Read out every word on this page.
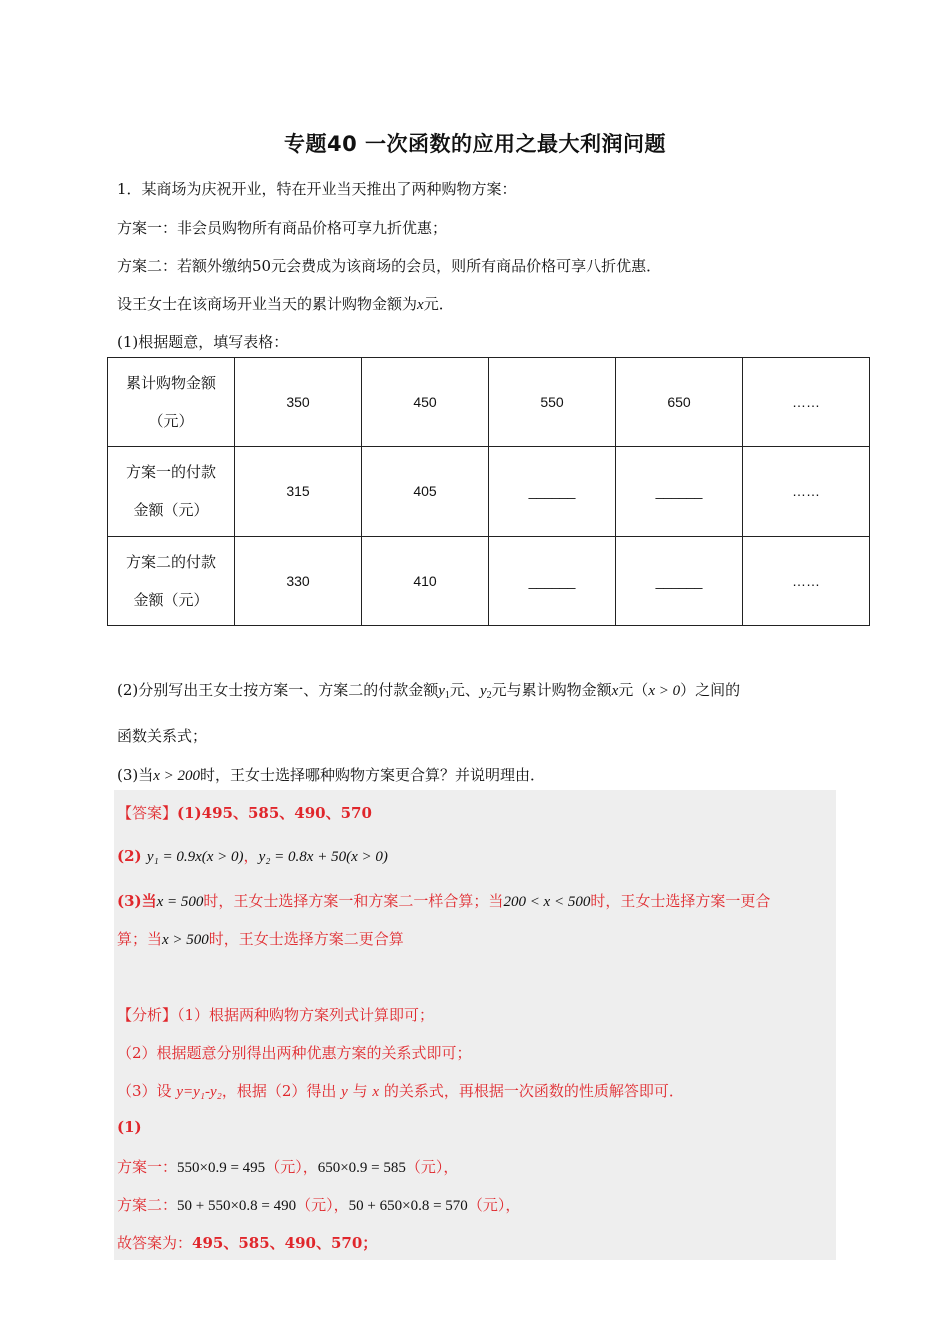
专题40 一次函数的应用之最大利润问题
1．某商场为庆祝开业，特在开业当天推出了两种购物方案：
方案一：非会员购物所有商品价格可享九折优惠；
方案二：若额外缴纳50元会费成为该商场的会员，则所有商品价格可享八折优惠．
设王女士在该商场开业当天的累计购物金额为x元．
(1)根据题意，填写表格：
累计购物金额
（元）	350	450	550	650	……

方案一的付款
金额（元）	315	405	______	______	……

方案二的付款
金额（元）	330	410	______	______	……
(2)分别写出王女士按方案一、方案二的付款金额$y_1$元、$y_2$元与累计购物金额x元（x > 0）之间的
函数关系式；
(3)当x > 200时，王女士选择哪种购物方案更合算？并说明理由．
【答案】(1)495、585、490、570
(2) y₁ = 0.9x(x > 0)，y₂ = 0.8x + 50(x > 0)
(3)当x = 500时，王女士选择方案一和方案二一样合算；当200 < x < 500时，王女士选择方案一更合
算；当x > 500时，王女士选择方案二更合算
【分析】（1）根据两种购物方案列式计算即可；
（2）根据题意分别得出两种优惠方案的关系式即可；
（3）设 y=y₁-y₂，根据（2）得出 y 与 x 的关系式，再根据一次函数的性质解答即可．
(1)
方案一：550×0.9 = 495（元），650×0.9 = 585（元），
方案二：50 + 550×0.8 = 490（元），50 + 650×0.8 = 570（元），
故答案为：495、585、490、570；
